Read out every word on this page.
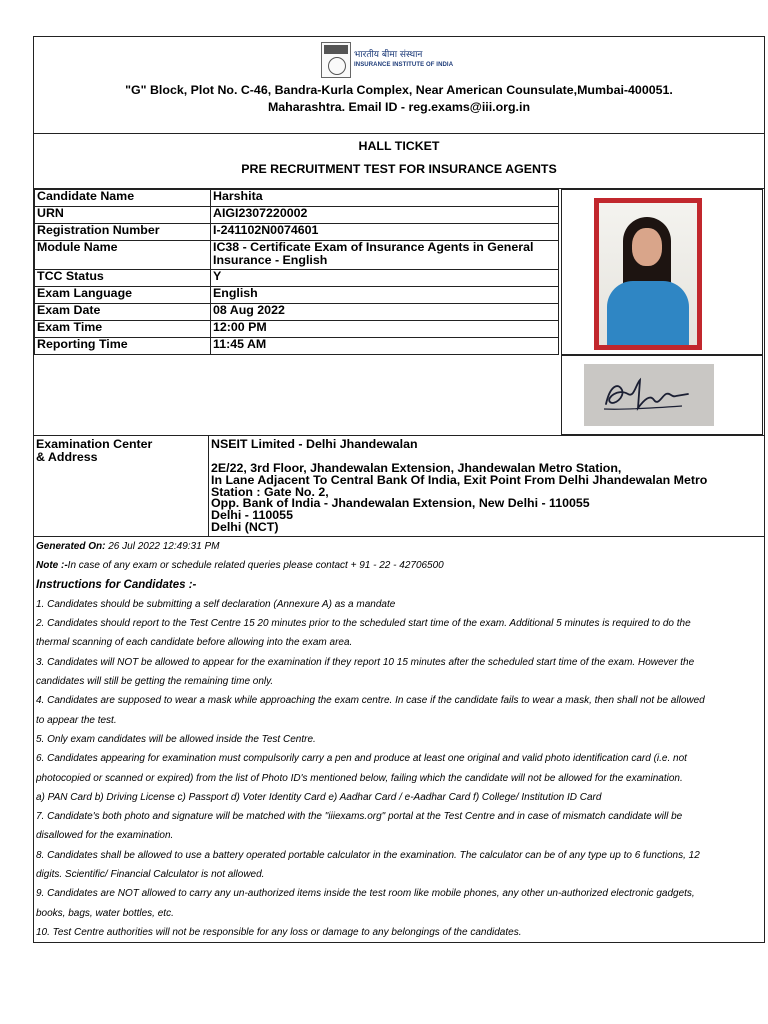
भारतीय बीमा संस्थान
INSURANCE INSTITUTE OF INDIA
"G" Block, Plot No. C-46, Bandra-Kurla Complex, Near American Counsulate,Mumbai-400051.
Maharashtra. Email ID - reg.exams@iii.org.in
HALL TICKET
PRE RECRUITMENT TEST FOR INSURANCE AGENTS
Candidate Name	Harshita
URN	AIGI2307220002
Registration Number	I-241102N0074601
Module Name	IC38 - Certificate Exam of Insurance Agents in General Insurance - English
TCC Status	Y
Exam Language	English
Exam Date	08 Aug 2022
Exam Time	12:00 PM
Reporting Time	11:45 AM
Examination Center
& Address
NSEIT Limited - Delhi Jhandewalan
2E/22, 3rd Floor, Jhandewalan Extension, Jhandewalan Metro Station,
In Lane Adjacent To Central Bank Of India, Exit Point From Delhi Jhandewalan Metro
Station : Gate No. 2,
Opp. Bank of India - Jhandewalan Extension, New Delhi - 110055
Delhi - 110055
Delhi (NCT)
Generated On: 26 Jul 2022 12:49:31 PM
Note :-In case of any exam or schedule related queries please contact + 91 - 22 - 42706500
Instructions for Candidates :-
1. Candidates should be submitting a self declaration (Annexure A) as a mandate
2. Candidates should report to the Test Centre 15 20 minutes prior to the scheduled start time of the exam. Additional 5 minutes is required to do the
thermal scanning of each candidate before allowing into the exam area.
3. Candidates will NOT be allowed to appear for the examination if they report 10 15 minutes after the scheduled start time of the exam. However the
candidates will still be getting the remaining time only.
4. Candidates are supposed to wear a mask while approaching the exam centre. In case if the candidate fails to wear a mask, then shall not be allowed
to appear the test.
5. Only exam candidates will be allowed inside the Test Centre.
6. Candidates appearing for examination must compulsorily carry a pen and produce at least one original and valid photo identification card (i.e. not
photocopied or scanned or expired) from the list of Photo ID's mentioned below, failing which the candidate will not be allowed for the examination.
a) PAN Card b) Driving License c) Passport d) Voter Identity Card e) Aadhar Card / e-Aadhar Card f) College/ Institution ID Card
7. Candidate's both photo and signature will be matched with the "iiiexams.org" portal at the Test Centre and in case of mismatch candidate will be
disallowed for the examination.
8. Candidates shall be allowed to use a battery operated portable calculator in the examination. The calculator can be of any type up to 6 functions, 12
digits. Scientific/ Financial Calculator is not allowed.
9. Candidates are NOT allowed to carry any un-authorized items inside the test room like mobile phones, any other un-authorized electronic gadgets,
books, bags, water bottles, etc.
10. Test Centre authorities will not be responsible for any loss or damage to any belongings of the candidates.
